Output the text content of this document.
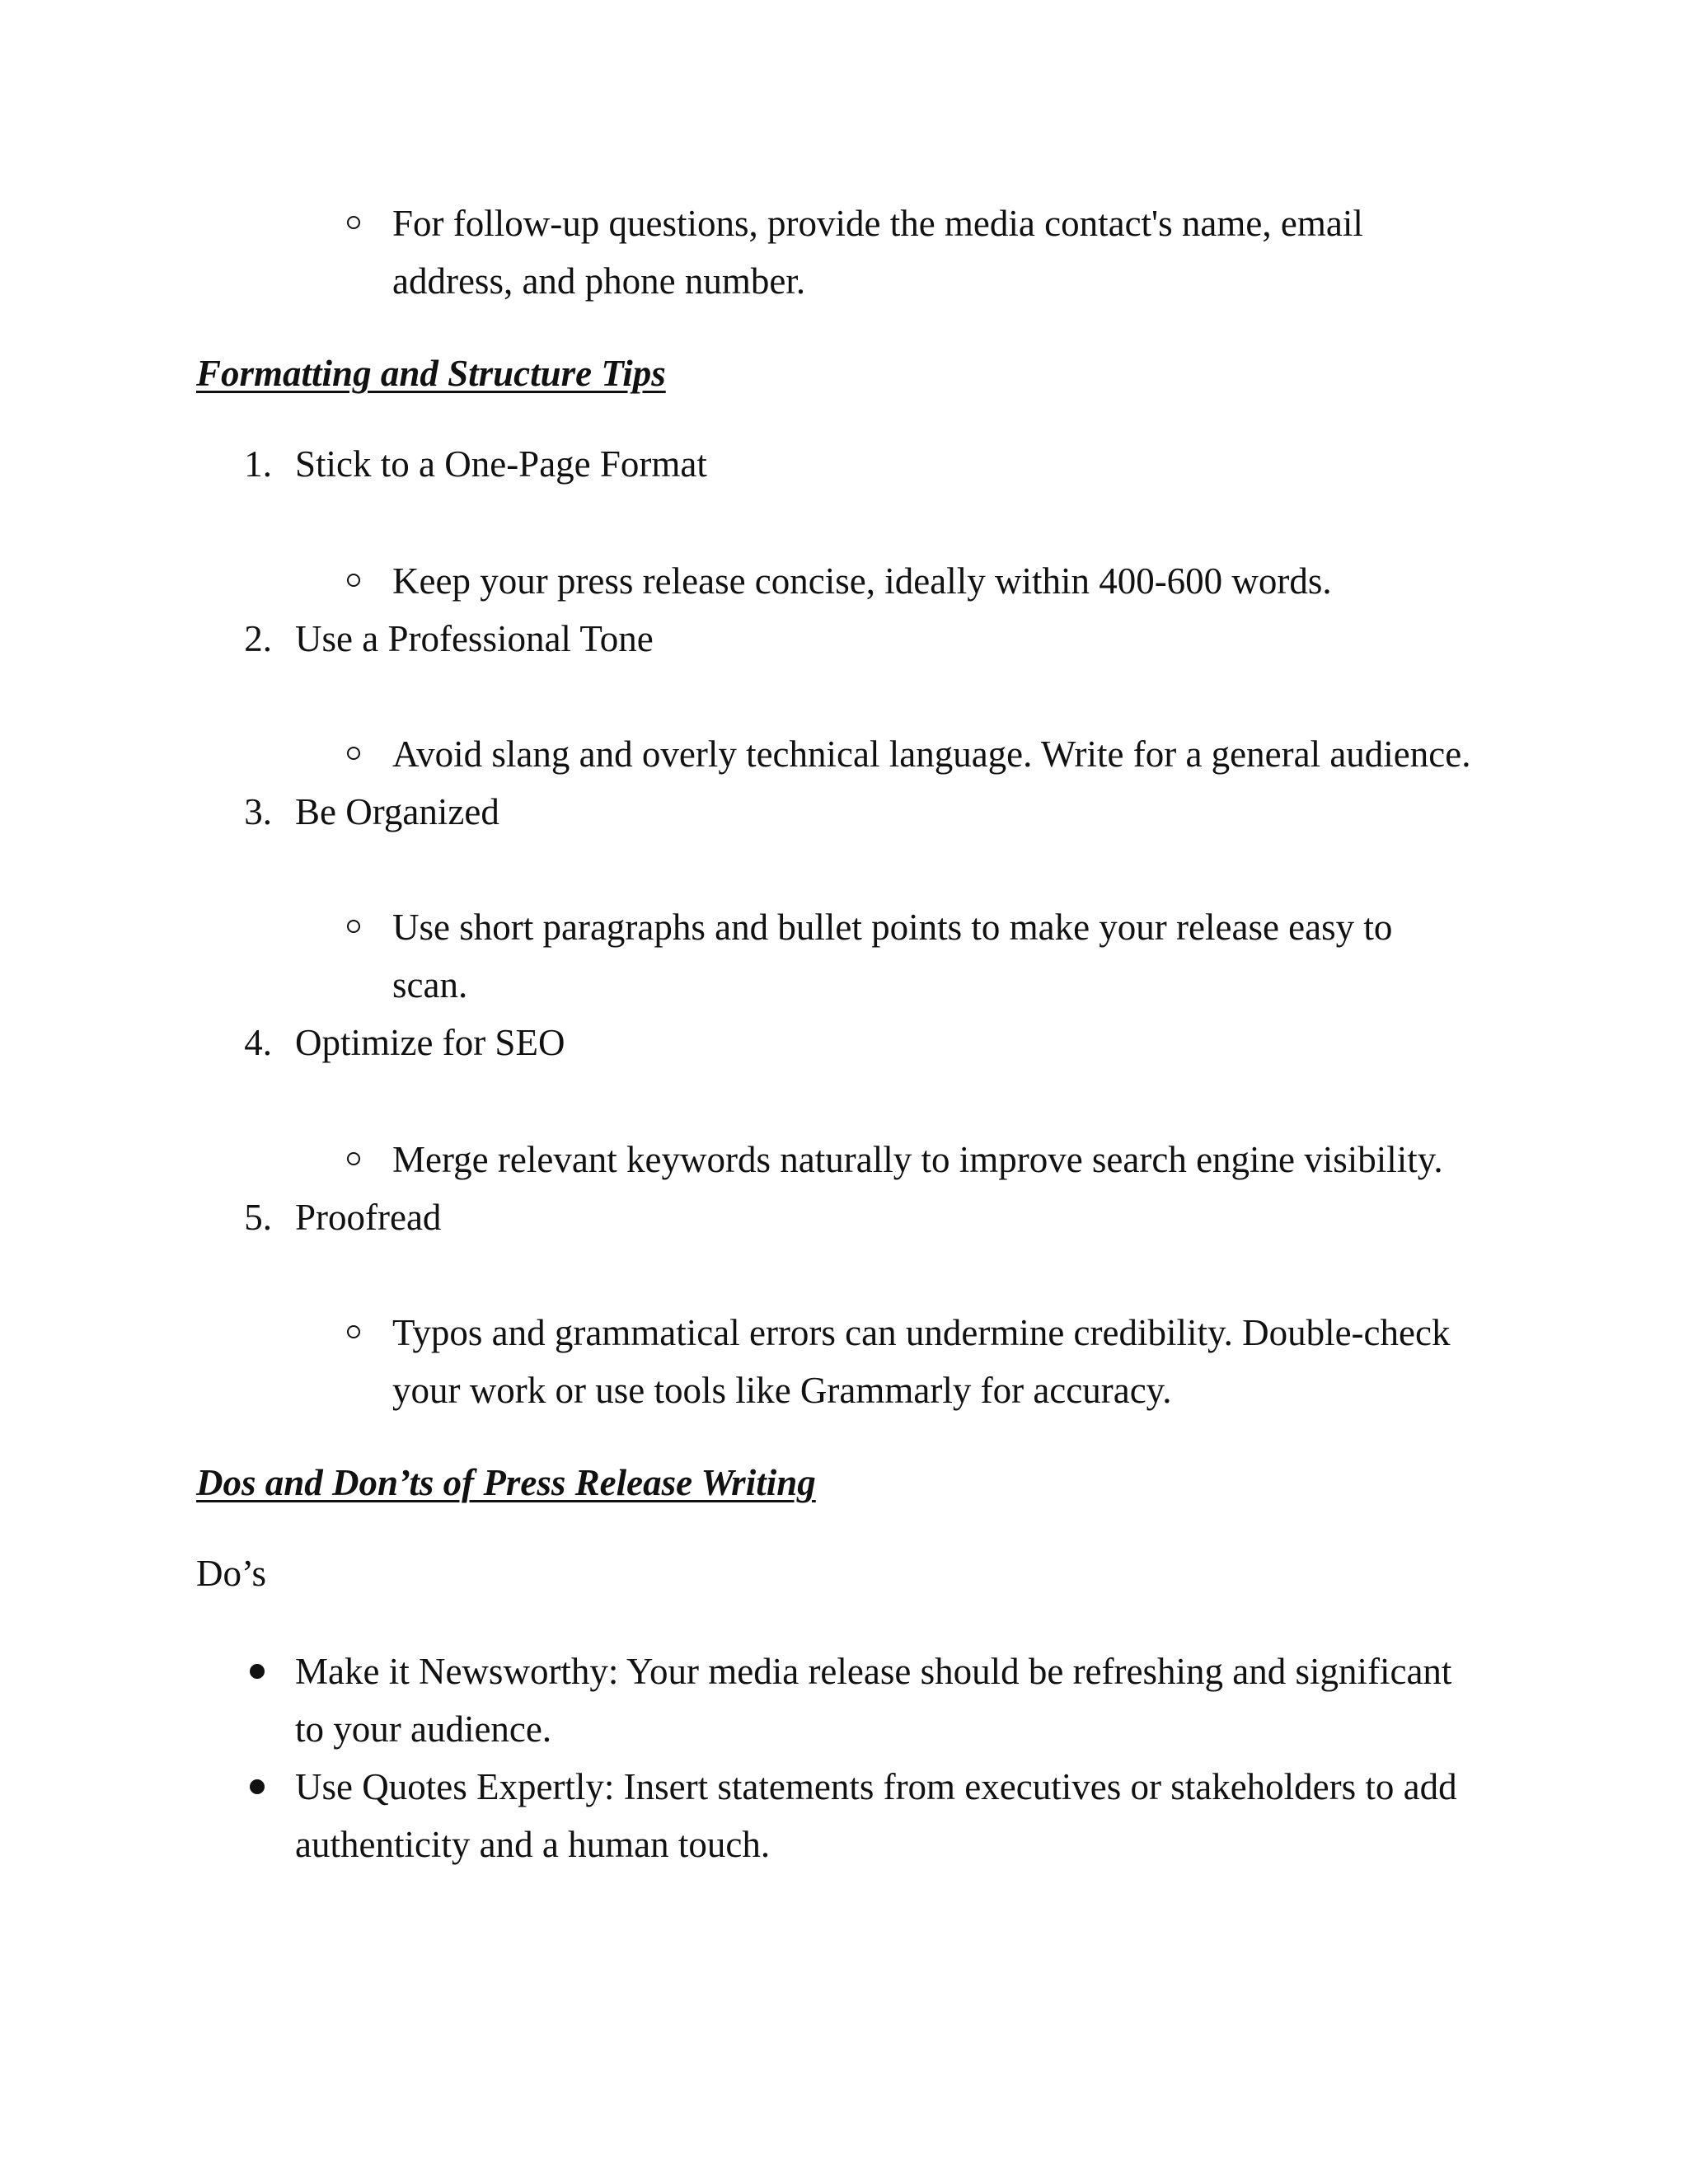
For follow-up questions, provide the media contact's name, email

address, and phone number.

Formatting and Structure Tips

1. Stick to a One-Page Format

Keep your press release concise, ideally within 400-600 words.

2. Use a Professional Tone

Avoid slang and overly technical language. Write for a general audience.

3. Be Organized

Use short paragraphs and bullet points to make your release easy to

scan.

4. Optimize for SEO

Merge relevant keywords naturally to improve search engine visibility.

5. Proofread

Typos and grammatical errors can undermine credibility. Double-check

your work or use tools like Grammarly for accuracy.

Dos and Don’ts of Press Release Writing

Do’s

Make it Newsworthy: Your media release should be refreshing and significant

to your audience.

Use Quotes Expertly: Insert statements from executives or stakeholders to add

authenticity and a human touch.
